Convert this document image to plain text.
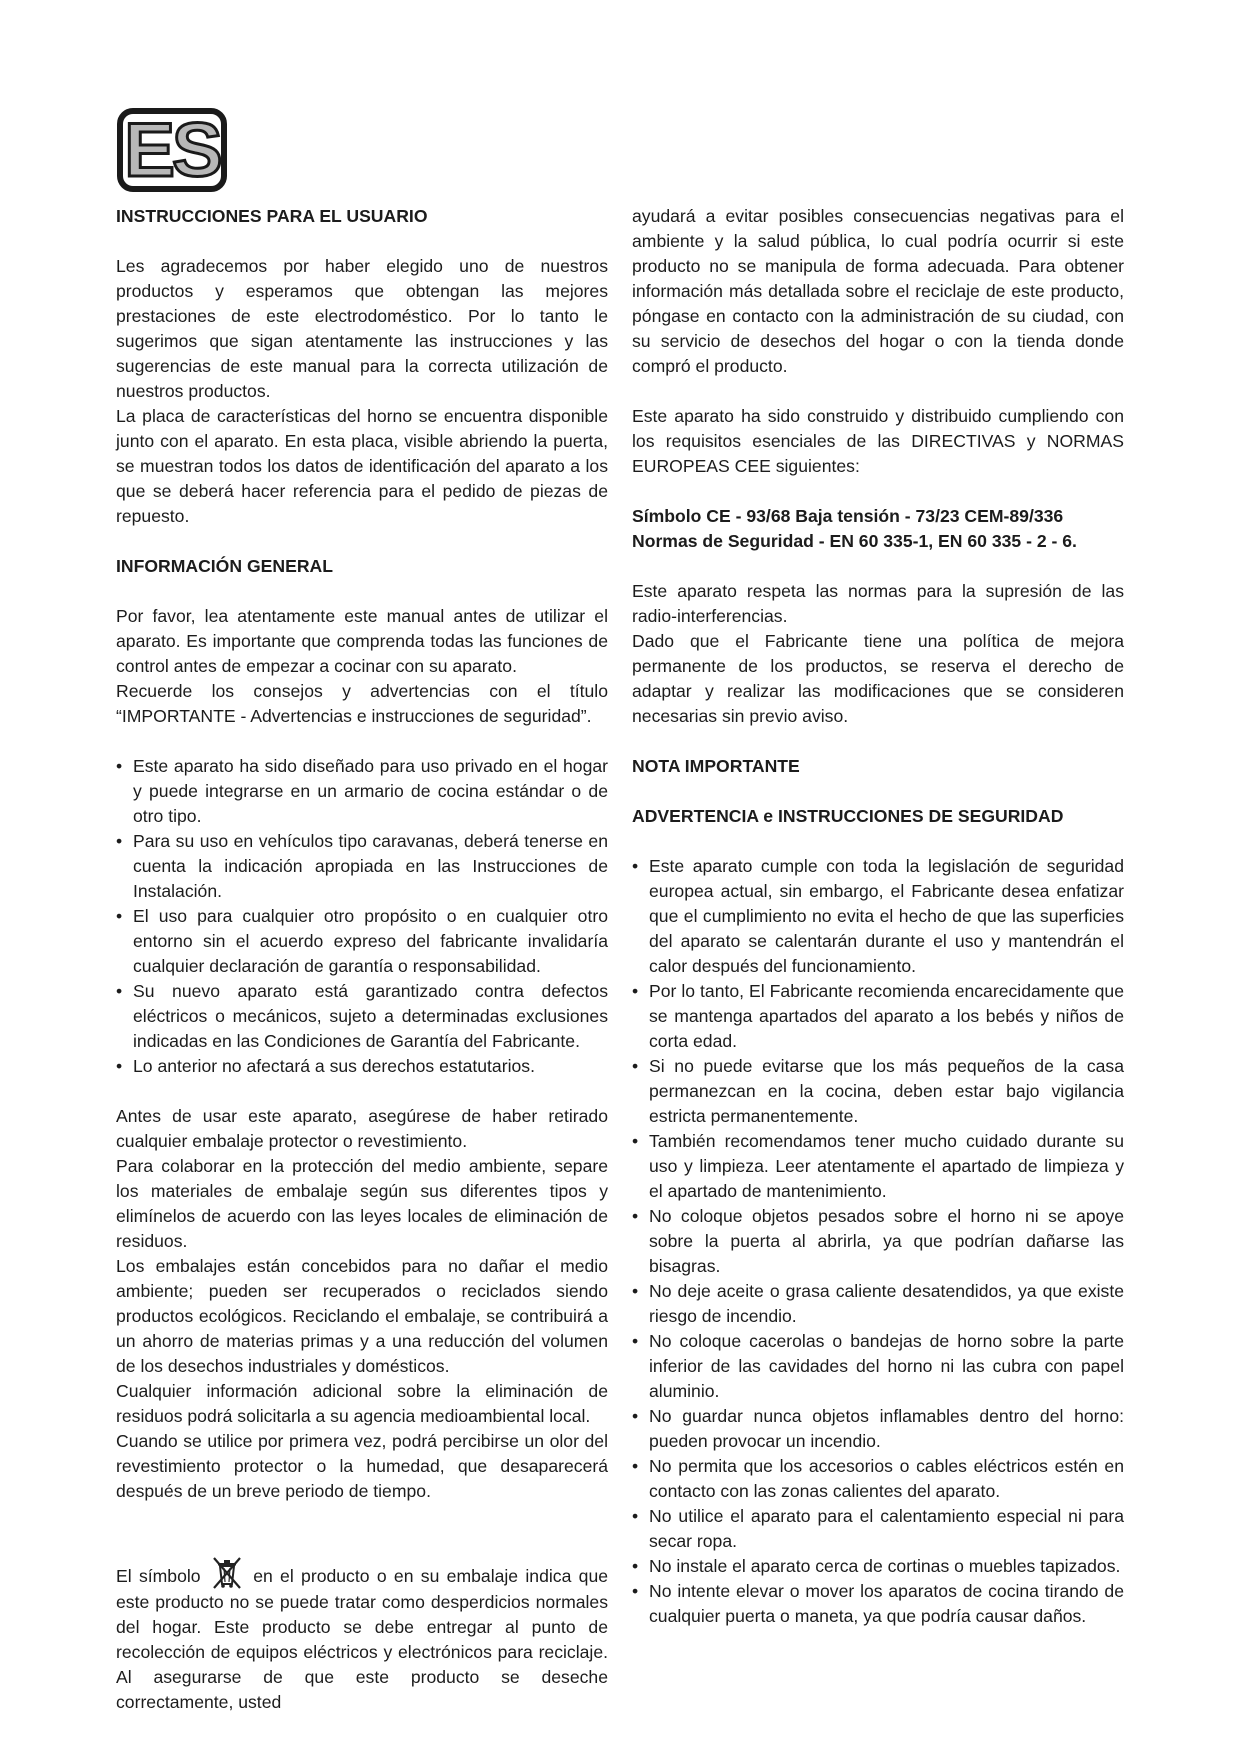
ES
INSTRUCCIONES PARA EL USUARIO

Les agradecemos por haber elegido uno de nuestros productos y esperamos que obtengan las mejores prestaciones de este electrodoméstico. Por lo tanto le sugerimos que sigan atentamente las instrucciones y las sugerencias de este manual para la correcta utilización de nuestros productos.

La placa de características del horno se encuentra disponible junto con el aparato. En esta placa, visible abriendo la puerta, se muestran todos los datos de identificación del aparato a los que se deberá hacer referencia para el pedido de piezas de repuesto.

INFORMACIÓN GENERAL

Por favor, lea atentamente este manual antes de utilizar el aparato. Es importante que comprenda todas las funciones de control antes de empezar a cocinar con su aparato.

Recuerde los consejos y advertencias con el título “IMPORTANTE - Advertencias e instrucciones de seguridad”.

• Este aparato ha sido diseñado para uso privado en el hogar y puede integrarse en un armario de cocina estándar o de otro tipo.
• Para su uso en vehículos tipo caravanas, deberá tenerse en cuenta la indicación apropiada en las Instrucciones de Instalación.
• El uso para cualquier otro propósito o en cualquier otro entorno sin el acuerdo expreso del fabricante invalidaría cualquier declaración de garantía o responsabilidad.
• Su nuevo aparato está garantizado contra defectos eléctricos o mecánicos, sujeto a determinadas exclusiones indicadas en las Condiciones de Garantía del Fabricante.
• Lo anterior no afectará a sus derechos estatutarios.

Antes de usar este aparato, asegúrese de haber retirado cualquier embalaje protector o revestimiento.

Para colaborar en la protección del medio ambiente, separe los materiales de embalaje según sus diferentes tipos y elimínelos de acuerdo con las leyes locales de eliminación de residuos.

Los embalajes están concebidos para no dañar el medio ambiente; pueden ser recuperados o reciclados siendo productos ecológicos. Reciclando el embalaje, se contribuirá a un ahorro de materias primas y a una reducción del volumen de los desechos industriales y domésticos.

Cualquier información adicional sobre la eliminación de residuos podrá solicitarla a su agencia medioambiental local.

Cuando se utilice por primera vez, podrá percibirse un olor del revestimiento protector o la humedad, que desaparecerá después de un breve periodo de tiempo.

El símbolo	en el producto o en su embalaje indica que este producto no se puede tratar como desperdicios normales del hogar. Este producto se debe entregar al punto de recolección de equipos eléctricos y electrónicos para reciclaje. Al asegurarse de que este producto se deseche correctamente, usted

ayudará a evitar posibles consecuencias negativas para el ambiente y la salud pública, lo cual podría ocurrir si este producto no se manipula de forma adecuada. Para obtener información más detallada sobre el reciclaje de este producto, póngase en contacto con la administración de su ciudad, con su servicio de desechos del hogar o con la tienda donde compró el producto.

Este aparato ha sido construido y distribuido cumpliendo con los requisitos esenciales de las DIRECTIVAS y NORMAS EUROPEAS CEE siguientes:

Símbolo CE - 93/68 Baja tensión - 73/23 CEM-89/336
Normas de Seguridad - EN 60 335-1, EN 60 335 - 2 - 6.

Este aparato respeta las normas para la supresión de las radio-interferencias.

Dado que el Fabricante tiene una política de mejora permanente de los productos, se reserva el derecho de adaptar y realizar las modificaciones que se consideren necesarias sin previo aviso.

NOTA IMPORTANTE
ADVERTENCIA e INSTRUCCIONES DE SEGURIDAD
• Este aparato cumple con toda la legislación de seguridad europea actual, sin embargo, el Fabricante desea enfatizar que el cumplimiento no evita el hecho de que las superficies del aparato se calentarán durante el uso y mantendrán el calor después del funcionamiento.
• Por lo tanto, El Fabricante recomienda encarecidamente que se mantenga apartados del aparato a los bebés y niños de corta edad.
• Si no puede evitarse que los más pequeños de la casa permanezcan en la cocina, deben estar bajo vigilancia estricta permanentemente.
• También recomendamos tener mucho cuidado durante su uso y limpieza. Leer atentamente el apartado de limpieza y el apartado de mantenimiento.
• No coloque objetos pesados sobre el horno ni se apoye sobre la puerta al abrirla, ya que podrían dañarse las bisagras.
• No deje aceite o grasa caliente desatendidos, ya que existe riesgo de incendio.
• No coloque cacerolas o bandejas de horno sobre la parte inferior de las cavidades del horno ni las cubra con papel aluminio.
• No guardar nunca objetos inflamables dentro del horno: pueden provocar un incendio.
• No permita que los accesorios o cables eléctricos estén en contacto con las zonas calientes del aparato.
• No utilice el aparato para el calentamiento especial ni para secar ropa.
• No instale el aparato cerca de cortinas o muebles tapizados.
• No intente elevar o mover los aparatos de cocina tirando de cualquier puerta o maneta, ya que podría causar daños.
